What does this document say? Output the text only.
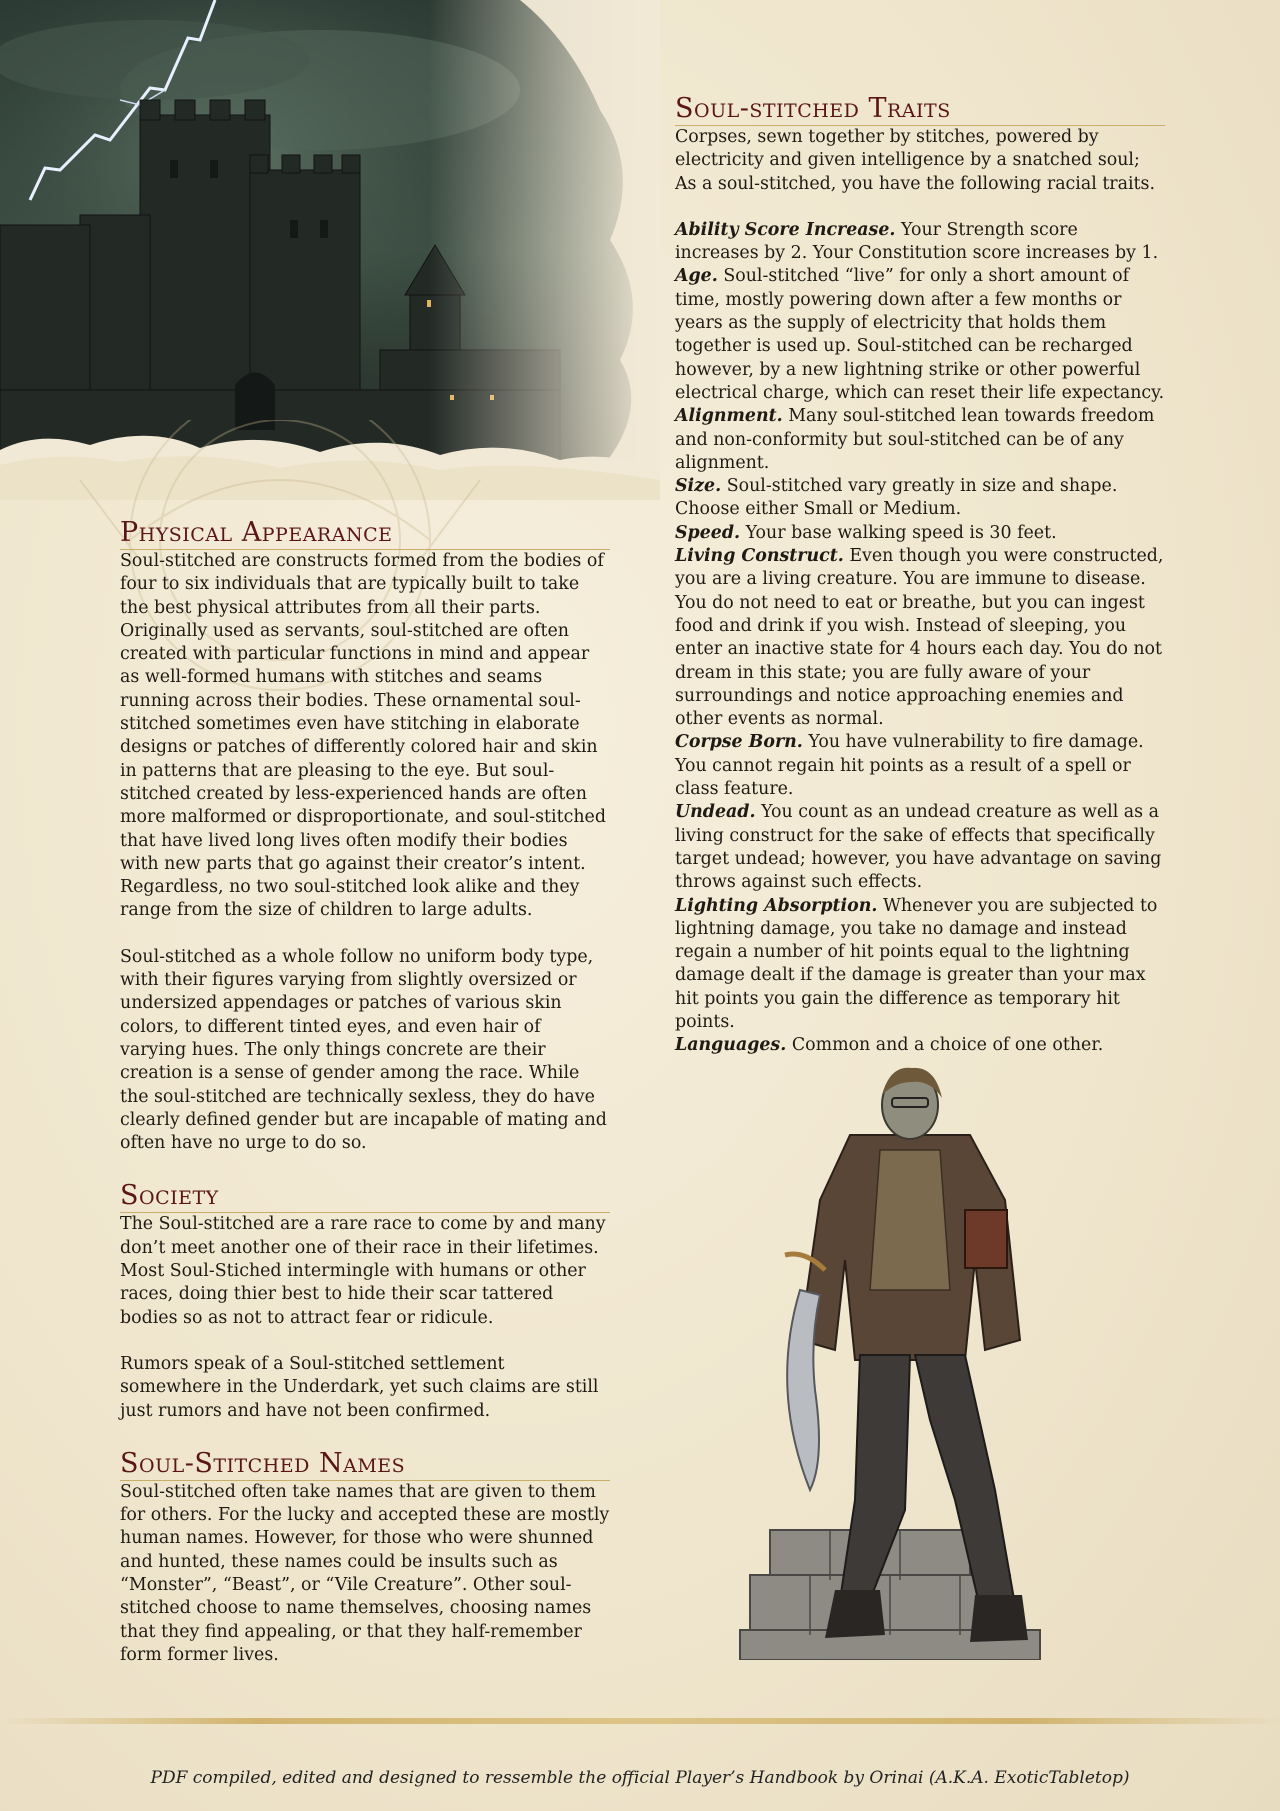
Physical Appearance

Soul-stitched are constructs formed from the bodies of four to six individuals that are typically built to take the best physical attributes from all their parts. Originally used as servants, soul-stitched are often created with particular functions in mind and appear as well-formed humans with stitches and seams running across their bodies. These ornamental soul-stitched sometimes even have stitching in elaborate designs or patches of differently colored hair and skin in patterns that are pleasing to the eye. But soul-stitched created by less-experienced hands are often more malformed or disproportionate, and soul-stitched that have lived long lives often modify their bodies with new parts that go against their creator’s intent. Regardless, no two soul-stitched look alike and they range from the size of children to large adults.

Soul-stitched as a whole follow no uniform body type, with their figures varying from slightly oversized or undersized appendages or patches of various skin colors, to different tinted eyes, and even hair of varying hues. The only things concrete are their creation is a sense of gender among the race. While the soul-stitched are technically sexless, they do have clearly defined gender but are incapable of mating and often have no urge to do so.

Society

The Soul-stitched are a rare race to come by and many don’t meet another one of their race in their lifetimes. Most Soul-Stiched intermingle with humans or other races, doing thier best to hide their scar tattered bodies so as not to attract fear or ridicule.

Rumors speak of a Soul-stitched settlement somewhere in the Underdark, yet such claims are still just rumors and have not been confirmed.

Soul-Stitched Names

Soul-stitched often take names that are given to them for others. For the lucky and accepted these are mostly human names. However, for those who were shunned and hunted, these names could be insults such as “Monster”, “Beast”, or “Vile Creature”. Other soul-stitched choose to name themselves, choosing names that they find appealing, or that they half-remember form former lives.

Soul-stitched Traits

Corpses, sewn together by stitches, powered by electricity and given intelligence by a snatched soul; As a soul-stitched, you have the following racial traits.

Ability Score Increase. Your Strength score increases by 2. Your Constitution score increases by 1.

Age. Soul-stitched “live” for only a short amount of time, mostly powering down after a few months or years as the supply of electricity that holds them together is used up. Soul-stitched can be recharged however, by a new lightning strike or other powerful electrical charge, which can reset their life expectancy.

Alignment. Many soul-stitched lean towards freedom and non-conformity but soul-stitched can be of any alignment.

Size. Soul-stitched vary greatly in size and shape. Choose either Small or Medium.

Speed. Your base walking speed is 30 feet.

Living Construct. Even though you were constructed, you are a living creature. You are immune to disease. You do not need to eat or breathe, but you can ingest food and drink if you wish. Instead of sleeping, you enter an inactive state for 4 hours each day. You do not dream in this state; you are fully aware of your surroundings and notice approaching enemies and other events as normal.

Corpse Born. You have vulnerability to fire damage. You cannot regain hit points as a result of a spell or class feature.

Undead. You count as an undead creature as well as a living construct for the sake of effects that specifically target undead; however, you have advantage on saving throws against such effects.

Lighting Absorption. Whenever you are subjected to lightning damage, you take no damage and instead regain a number of hit points equal to the lightning damage dealt if the damage is greater than your max hit points you gain the difference as temporary hit points.

Languages. Common and a choice of one other.

PDF compiled, edited and designed to ressemble the official Player’s Handbook by Orinai (A.K.A. ExoticTabletop)
